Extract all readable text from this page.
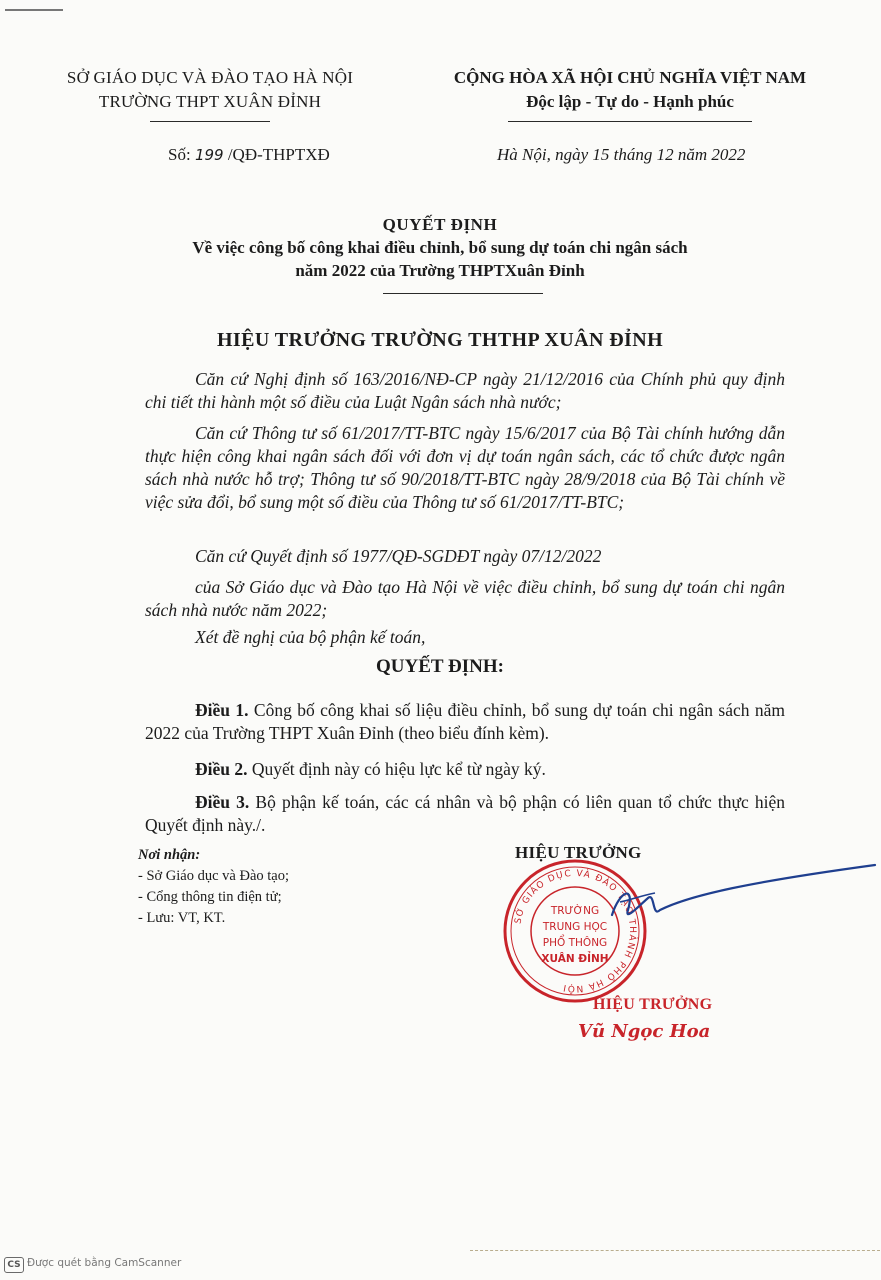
SỞ GIÁO DỤC VÀ ĐÀO TẠO HÀ NỘI
TRƯỜNG THPT XUÂN ĐỈNH
CỘNG HÒA XÃ HỘI CHỦ NGHĨA VIỆT NAM
Độc lập - Tự do - Hạnh phúc
Số: 199 /QĐ-THPTXĐ	Hà Nội, ngày 15 tháng 12 năm 2022
QUYẾT ĐỊNH
Về việc công bố công khai điều chỉnh, bổ sung dự toán chi ngân sách
năm 2022 của Trường THPTXuân Đỉnh
HIỆU TRƯỞNG TRƯỜNG THTHP XUÂN ĐỈNH
Căn cứ Nghị định số 163/2016/NĐ-CP ngày 21/12/2016 của Chính phủ quy định chi tiết thi hành một số điều của Luật Ngân sách nhà nước;
Căn cứ Thông tư số 61/2017/TT-BTC ngày 15/6/2017 của Bộ Tài chính hướng dẫn thực hiện công khai ngân sách đối với đơn vị dự toán ngân sách, các tổ chức được ngân sách nhà nước hỗ trợ; Thông tư số 90/2018/TT-BTC ngày 28/9/2018 của Bộ Tài chính về việc sửa đổi, bổ sung một số điều của Thông tư số 61/2017/TT-BTC;
Căn cứ Quyết định số 1977/QĐ-SGDĐT ngày 07/12/2022
của Sở Giáo dục và Đào tạo Hà Nội về việc điều chỉnh, bổ sung dự toán chi ngân sách nhà nước năm 2022;
Xét đề nghị của bộ phận kế toán,
QUYẾT ĐỊNH:
Điều 1. Công bố công khai số liệu điều chỉnh, bổ sung dự toán chi ngân sách năm 2022 của Trường THPT Xuân Đỉnh (theo biểu đính kèm).
Điều 2. Quyết định này có hiệu lực kể từ ngày ký.
Điều 3. Bộ phận kế toán, các cá nhân và bộ phận có liên quan tổ chức thực hiện Quyết định này./.
Nơi nhận:
- Sở Giáo dục và Đào tạo;
- Cổng thông tin điện tử;
- Lưu: VT, KT.
HIỆU TRƯỞNG
SỞ GIÁO DỤC VÀ ĐÀO TẠO THÀNH PHỐ HÀ NỘI
TRƯỜNG
TRUNG HỌC
PHỔ THÔNG
XUÂN ĐỈNH
HIỆU TRƯỞNG
Vũ Ngọc Hoa
CS Được quét bằng CamScanner
